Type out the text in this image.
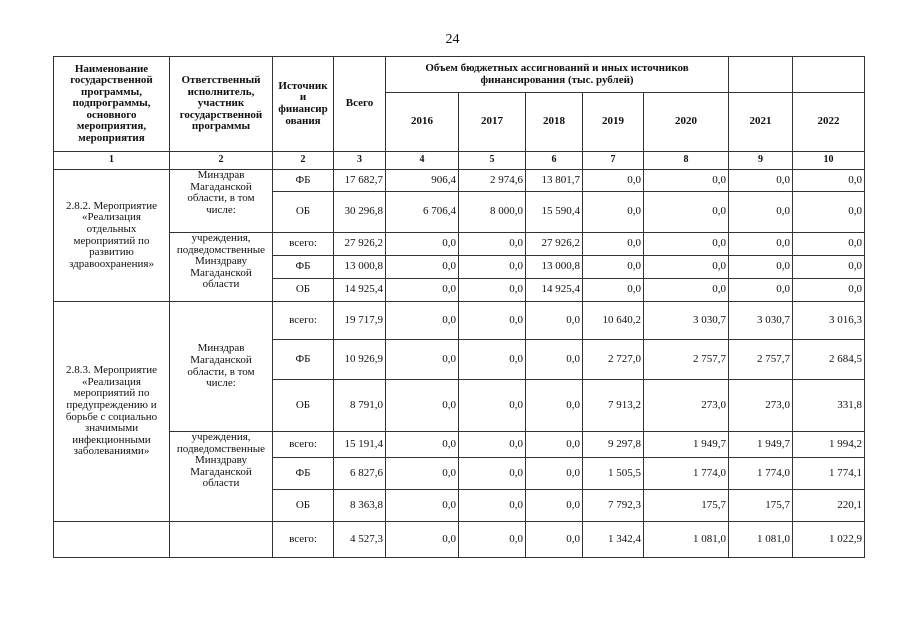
24
Наименование государственной программы, подпрограммы, основного мероприятия, мероприятия	Ответственный исполнитель, участник государственной программы	Источник и финансир ования	Всего	Объем бюджетных ассигнований и иных источников финансирования (тыс. рублей)						
				2016	2017	2018	2019	2020	2021	2022
1	2	2	3	4	5	6	7	8	9	10
2.8.2. Мероприятие «Реализация отдельных мероприятий по развитию здравоохранения»	Минздрав Магаданской области, в том числе:	ФБ	17 682,7	906,4	2 974,6	13 801,7	0,0	0,0	0,0	0,0
		ОБ	30 296,8	6 706,4	8 000,0	15 590,4	0,0	0,0	0,0	0,0
	учреждения, подведомственные Минздраву Магаданской области	всего:	27 926,2	0,0	0,0	27 926,2	0,0	0,0	0,0	0,0
		ФБ	13 000,8	0,0	0,0	13 000,8	0,0	0,0	0,0	0,0
		ОБ	14 925,4	0,0	0,0	14 925,4	0,0	0,0	0,0	0,0
2.8.3. Мероприятие «Реализация мероприятий по предупреждению и борьбе с социально значимыми инфекционными заболеваниями»	Минздрав Магаданской области, в том числе:	всего:	19 717,9	0,0	0,0	0,0	10 640,2	3 030,7	3 030,7	3 016,3
		ФБ	10 926,9	0,0	0,0	0,0	2 727,0	2 757,7	2 757,7	2 684,5
		ОБ	8 791,0	0,0	0,0	0,0	7 913,2	273,0	273,0	331,8
	учреждения, подведомственные Минздраву Магаданской области	всего:	15 191,4	0,0	0,0	0,0	9 297,8	1 949,7	1 949,7	1 994,2
		ФБ	6 827,6	0,0	0,0	0,0	1 505,5	1 774,0	1 774,0	1 774,1
		ОБ	8 363,8	0,0	0,0	0,0	7 792,3	175,7	175,7	220,1
		всего:	4 527,3	0,0	0,0	0,0	1 342,4	1 081,0	1 081,0	1 022,9
